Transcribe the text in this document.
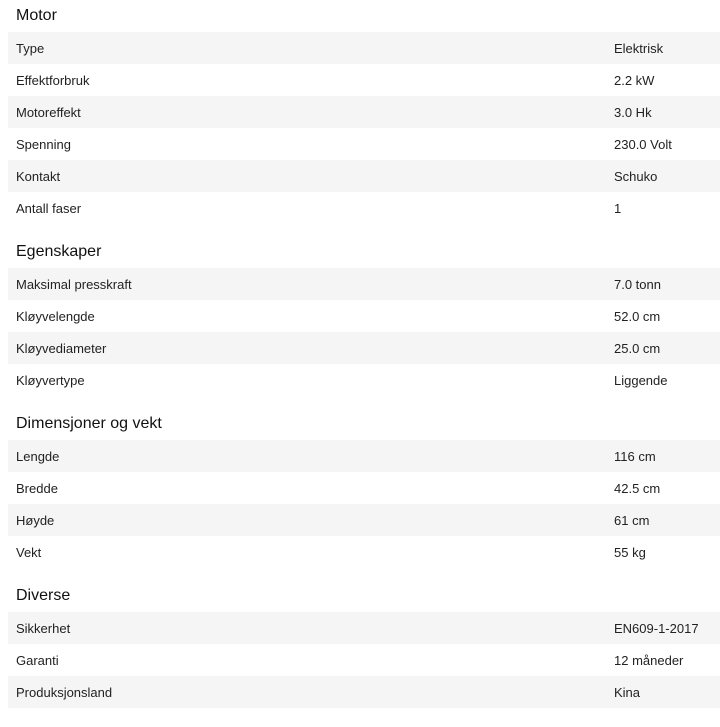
Motor
Type	Elektrisk
Effektforbruk	2.2 kW
Motoreffekt	3.0 Hk
Spenning	230.0 Volt
Kontakt	Schuko
Antall faser	1
Egenskaper
Maksimal presskraft	7.0 tonn
Kløyvelengde	52.0 cm
Kløyvediameter	25.0 cm
Kløyvertype	Liggende
Dimensjoner og vekt
Lengde	116 cm
Bredde	42.5 cm
Høyde	61 cm
Vekt	55 kg
Diverse
Sikkerhet	EN609-1-2017
Garanti	12 måneder
Produksjonsland	Kina
